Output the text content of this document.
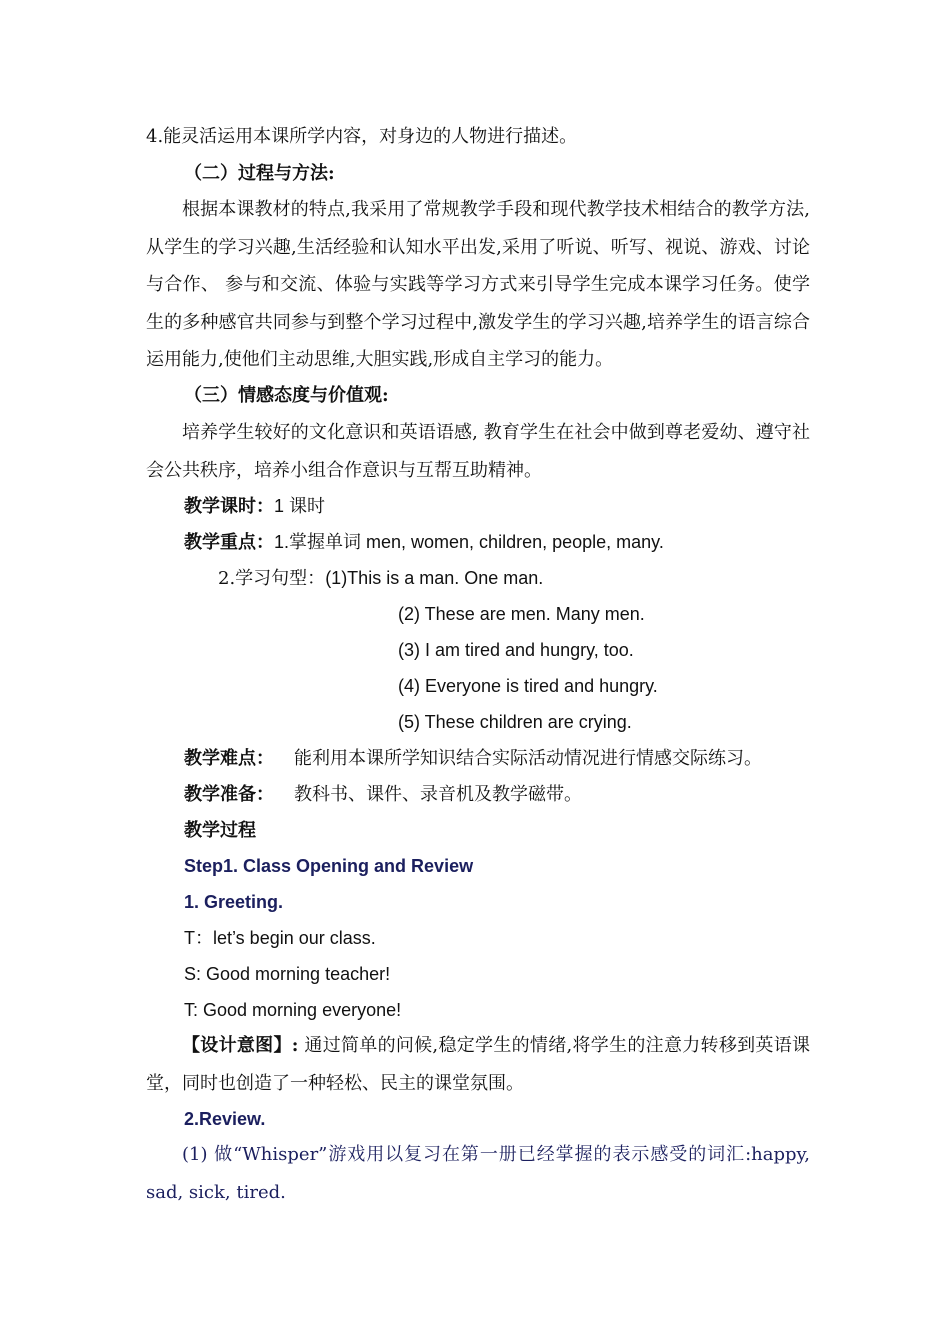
4.能灵活运用本课所学内容，对身边的人物进行描述。
（二）过程与方法:
根据本课教材的特点,我采用了常规教学手段和现代教学技术相结合的教学方法,从学生的学习兴趣,生活经验和认知水平出发,采用了听说、听写、视说、游戏、讨论与合作、 参与和交流、体验与实践等学习方式来引导学生完成本课学习任务。使学生的多种感官共同参与到整个学习过程中,激发学生的学习兴趣,培养学生的语言综合运用能力,使他们主动思维,大胆实践,形成自主学习的能力。
（三）情感态度与价值观:
培养学生较好的文化意识和英语语感, 教育学生在社会中做到尊老爱幼、遵守社会公共秩序，培养小组合作意识与互帮互助精神。
教学课时：1 课时
教学重点：1.掌握单词 men, women, children, people, many.
2.学习句型：(1)This is a man. One man.
(2) These are men. Many men.
(3) I am tired and hungry, too.
(4) Everyone is tired and hungry.
(5) These children are crying.
教学难点： 能利用本课所学知识结合实际活动情况进行情感交际练习。
教学准备： 教科书、课件、录音机及教学磁带。
教学过程
Step1. Class Opening and Review
1. Greeting.
T：let’s begin our class.
S: Good morning teacher!
T: Good morning everyone!
【设计意图】: 通过简单的问候,稳定学生的情绪,将学生的注意力转移到英语课堂，同时也创造了一种轻松、民主的课堂氛围。
2.Review.
(1) 做“Whisper”游戏用以复习在第一册已经掌握的表示感受的词汇:happy, sad, sick, tired.
